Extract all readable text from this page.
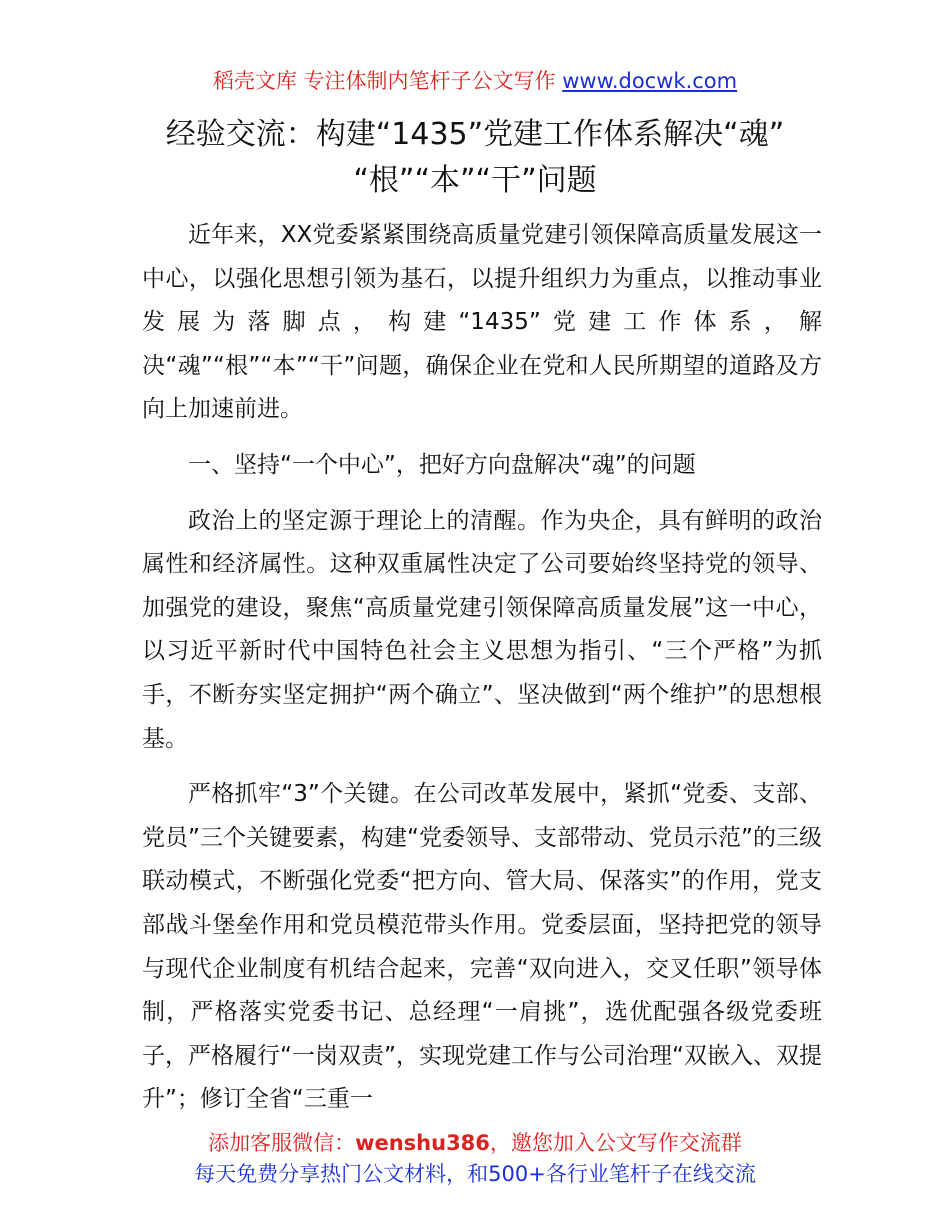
稻壳文库 专注体制内笔杆子公文写作 www.docwk.com
经验交流：构建“1435”党建工作体系解决“魂”
“根”“本”“干”问题

近年来，XX党委紧紧围绕高质量党建引领保障高质量发展这一中心，以强化思想引领为基石，以提升组织力为重点，以推动事业发展为落脚点，构建“1435”党建工作体系，解决“魂”“根”“本”“干”问题，确保企业在党和人民所期望的道路及方向上加速前进。

一、坚持“一个中心”，把好方向盘解决“魂”的问题

政治上的坚定源于理论上的清醒。作为央企，具有鲜明的政治属性和经济属性。这种双重属性决定了公司要始终坚持党的领导、加强党的建设，聚焦“高质量党建引领保障高质量发展”这一中心，以习近平新时代中国特色社会主义思想为指引、“三个严格”为抓手，不断夯实坚定拥护“两个确立”、坚决做到“两个维护”的思想根基。

严格抓牢“3”个关键。在公司改革发展中，紧抓“党委、支部、党员”三个关键要素，构建“党委领导、支部带动、党员示范”的三级联动模式，不断强化党委“把方向、管大局、保落实”的作用，党支部战斗堡垒作用和党员模范带头作用。党委层面，坚持把党的领导与现代企业制度有机结合起来，完善“双向进入，交叉任职”领导体制，严格落实党委书记、总经理“一肩挑”，选优配强各级党委班子，严格履行“一岗双责”，实现党建工作与公司治理“双嵌入、双提升”；修订全省“三重一

添加客服微信：wenshu386，邀您加入公文写作交流群
每天免费分享热门公文材料，和500+各行业笔杆子在线交流
